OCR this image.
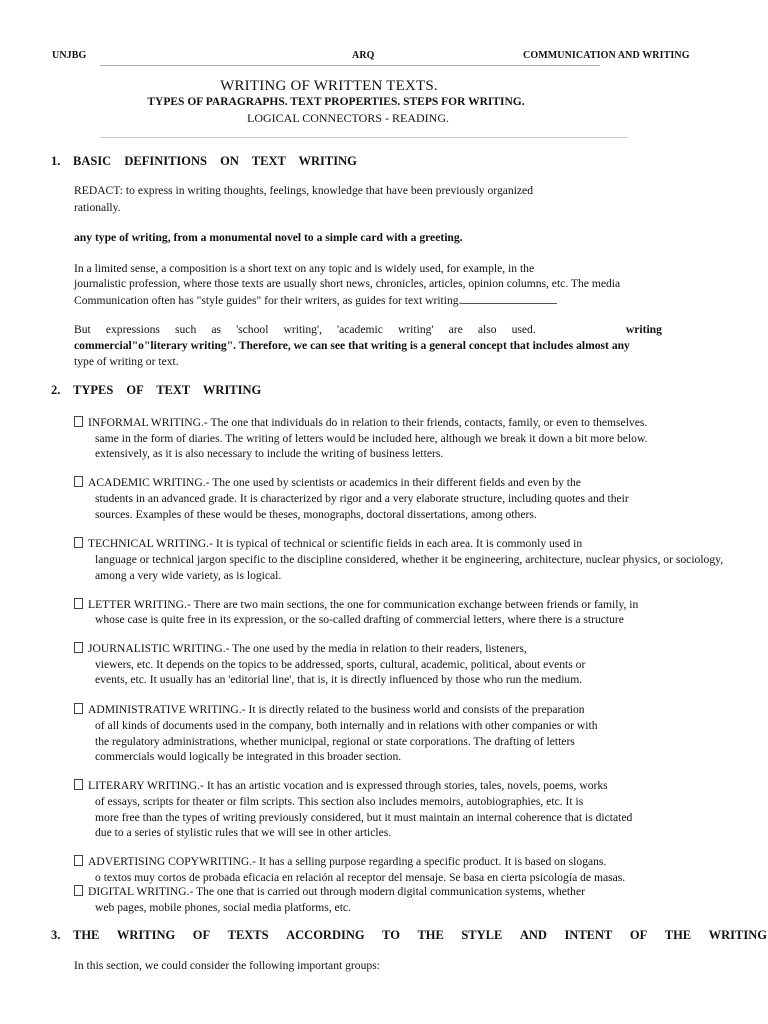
UNJBG	ARQ	COMMUNICATION AND WRITING
WRITING OF WRITTEN TEXTS.
TYPES OF PARAGRAPHS. TEXT PROPERTIES. STEPS FOR WRITING.
LOGICAL CONNECTORS - READING.
1.	BASIC DEFINITIONS ON TEXT WRITING
REDACT: to express in writing thoughts, feelings, knowledge that have been previously organized
rationally.
any type of writing, from a monumental novel to a simple card with a greeting.
In a limited sense, a composition is a short text on any topic and is widely used, for example, in the
journalistic profession, where those texts are usually short news, chronicles, articles, opinion columns, etc. The media
Communication often has "style guides" for their writers, as guides for text writing.
But expressions such as 'school writing', 'academic writing' are also used.	writing
commercial"o"literary writing". Therefore, we can see that writing is a general concept that includes almost any
type of writing or text.
2.	TYPES OF TEXT WRITING
INFORMAL WRITING.- The one that individuals do in relation to their friends, contacts, family, or even to themselves.
same in the form of diaries. The writing of letters would be included here, although we break it down a bit more below.
extensively, as it is also necessary to include the writing of business letters.
ACADEMIC WRITING.- The one used by scientists or academics in their different fields and even by the
students in an advanced grade. It is characterized by rigor and a very elaborate structure, including quotes and their
sources. Examples of these would be theses, monographs, doctoral dissertations, among others.
TECHNICAL WRITING.- It is typical of technical or scientific fields in each area. It is commonly used in
language or technical jargon specific to the discipline considered, whether it be engineering, architecture, nuclear physics, or sociology,
among a very wide variety, as is logical.
LETTER WRITING.- There are two main sections, the one for communication exchange between friends or family, in
whose case is quite free in its expression, or the so-called drafting of commercial letters, where there is a structure
JOURNALISTIC WRITING.- The one used by the media in relation to their readers, listeners,
viewers, etc. It depends on the topics to be addressed, sports, cultural, academic, political, about events or
events, etc. It usually has an 'editorial line', that is, it is directly influenced by those who run the medium.
ADMINISTRATIVE WRITING.- It is directly related to the business world and consists of the preparation
of all kinds of documents used in the company, both internally and in relations with other companies or with
the regulatory administrations, whether municipal, regional or state corporations. The drafting of letters
commercials would logically be integrated in this broader section.
LITERARY WRITING.- It has an artistic vocation and is expressed through stories, tales, novels, poems, works
of essays, scripts for theater or film scripts. This section also includes memoirs, autobiographies, etc. It is
more free than the types of writing previously considered, but it must maintain an internal coherence that is dictated
due to a series of stylistic rules that we will see in other articles.
ADVERTISING COPYWRITING.- It has a selling purpose regarding a specific product. It is based on slogans.
o textos muy cortos de probada eficacia en relación al receptor del mensaje. Se basa en cierta psicología de masas.
DIGITAL WRITING.- The one that is carried out through modern digital communication systems, whether
web pages, mobile phones, social media platforms, etc.
3.	THE WRITING OF TEXTS ACCORDING TO THE STYLE AND INTENT OF THE WRITING
In this section, we could consider the following important groups:
